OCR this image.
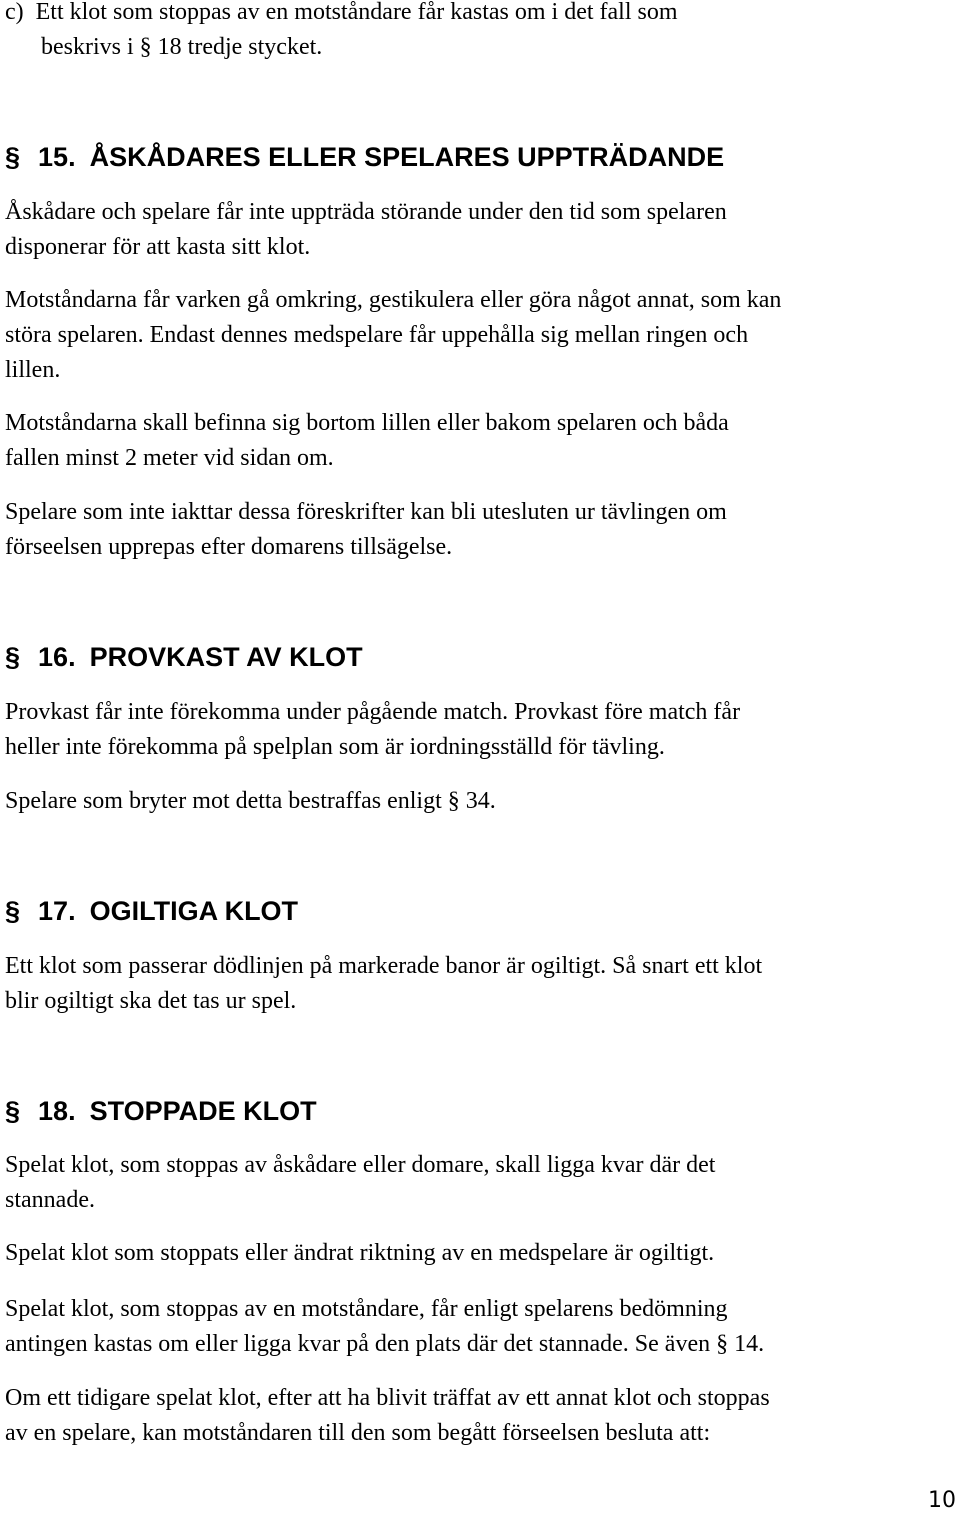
c)  Ett klot som stoppas av en motståndare får kastas om i det fall som
beskrivs i § 18 tredje stycket.

§ 15. ÅSKÅDARES ELLER SPELARES UPPTRÄDANDE

Åskådare och spelare får inte uppträda störande under den tid som spelaren
disponerar för att kasta sitt klot.

Motståndarna får varken gå omkring, gestikulera eller göra något annat, som kan
störa spelaren. Endast dennes medspelare får uppehålla sig mellan ringen och
lillen.

Motståndarna skall befinna sig bortom lillen eller bakom spelaren och båda
fallen minst 2 meter vid sidan om.

Spelare som inte iakttar dessa föreskrifter kan bli utesluten ur tävlingen om
förseelsen upprepas efter domarens tillsägelse.

§ 16. PROVKAST AV KLOT

Provkast får inte förekomma under pågående match. Provkast före match får
heller inte förekomma på spelplan som är iordningsställd för tävling.

Spelare som bryter mot detta bestraffas enligt § 34.

§ 17. OGILTIGA KLOT

Ett klot som passerar dödlinjen på markerade banor är ogiltigt. Så snart ett klot
blir ogiltigt ska det tas ur spel.

§ 18. STOPPADE KLOT

Spelat klot, som stoppas av åskådare eller domare, skall ligga kvar där det
stannade.

Spelat klot som stoppats eller ändrat riktning av en medspelare är ogiltigt.

Spelat klot, som stoppas av en motståndare, får enligt spelarens bedömning
antingen kastas om eller ligga kvar på den plats där det stannade. Se även § 14.

Om ett tidigare spelat klot, efter att ha blivit träffat av ett annat klot och stoppas
av en spelare, kan motståndaren till den som begått förseelsen besluta att:

10
